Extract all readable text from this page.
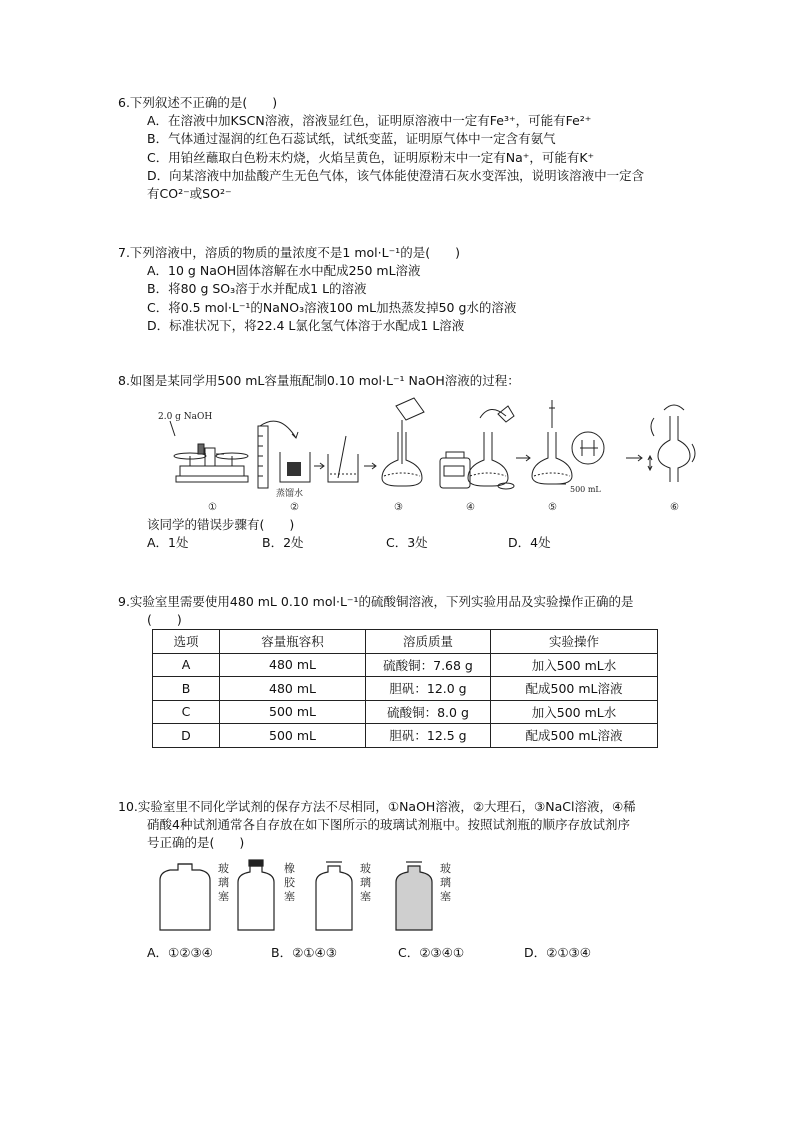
6.下列叙述不正确的是(　　)
A．在溶液中加KSCN溶液，溶液显红色，证明原溶液中一定有Fe³⁺，可能有Fe²⁺
B．气体通过湿润的红色石蕊试纸，试纸变蓝，证明原气体中一定含有氨气
C．用铂丝蘸取白色粉末灼烧，火焰呈黄色，证明原粉末中一定有Na⁺，可能有K⁺
D．向某溶液中加盐酸产生无色气体，该气体能使澄清石灰水变浑浊，说明该溶液中一定含
有CO²⁻或SO²⁻
7.下列溶液中，溶质的物质的量浓度不是1 mol·L⁻¹的是(　　)
A．10 g NaOH固体溶解在水中配成250 mL溶液
B．将80 g SO₃溶于水并配成1 L的溶液
C．将0.5 mol·L⁻¹的NaNO₃溶液100 mL加热蒸发掉50 g水的溶液
D．标准状况下，将22.4 L氯化氢气体溶于水配成1 L溶液
8.如图是某同学用500 mL容量瓶配制0.10 mol·L⁻¹ NaOH溶液的过程：
2.0 g NaOH
蒸馏水	500 mL
①	②	③	④	⑤	⑥
该同学的错误步骤有(　　)
A．1处	B．2处	C．3处	D．4处
9.实验室里需要使用480 mL 0.10 mol·L⁻¹的硫酸铜溶液，下列实验用品及实验操作正确的是
(　　)
选项	容量瓶容积	溶质质量	实验操作
A	480 mL	硫酸铜：7.68 g	加入500 mL水
B	480 mL	胆矾：12.0 g	配成500 mL溶液
C	500 mL	硫酸铜：8.0 g	加入500 mL水
D	500 mL	胆矾：12.5 g	配成500 mL溶液
10.实验室里不同化学试剂的保存方法不尽相同，①NaOH溶液，②大理石，③NaCl溶液，④稀
硝酸4种试剂通常各自存放在如下图所示的玻璃试剂瓶中。按照试剂瓶的顺序存放试剂序
号正确的是(　　)
玻
璃
塞
橡
胶
塞
玻
璃
塞
玻
璃
塞
A．①②③④	B．②①④③	C．②③④①	D．②①③④
